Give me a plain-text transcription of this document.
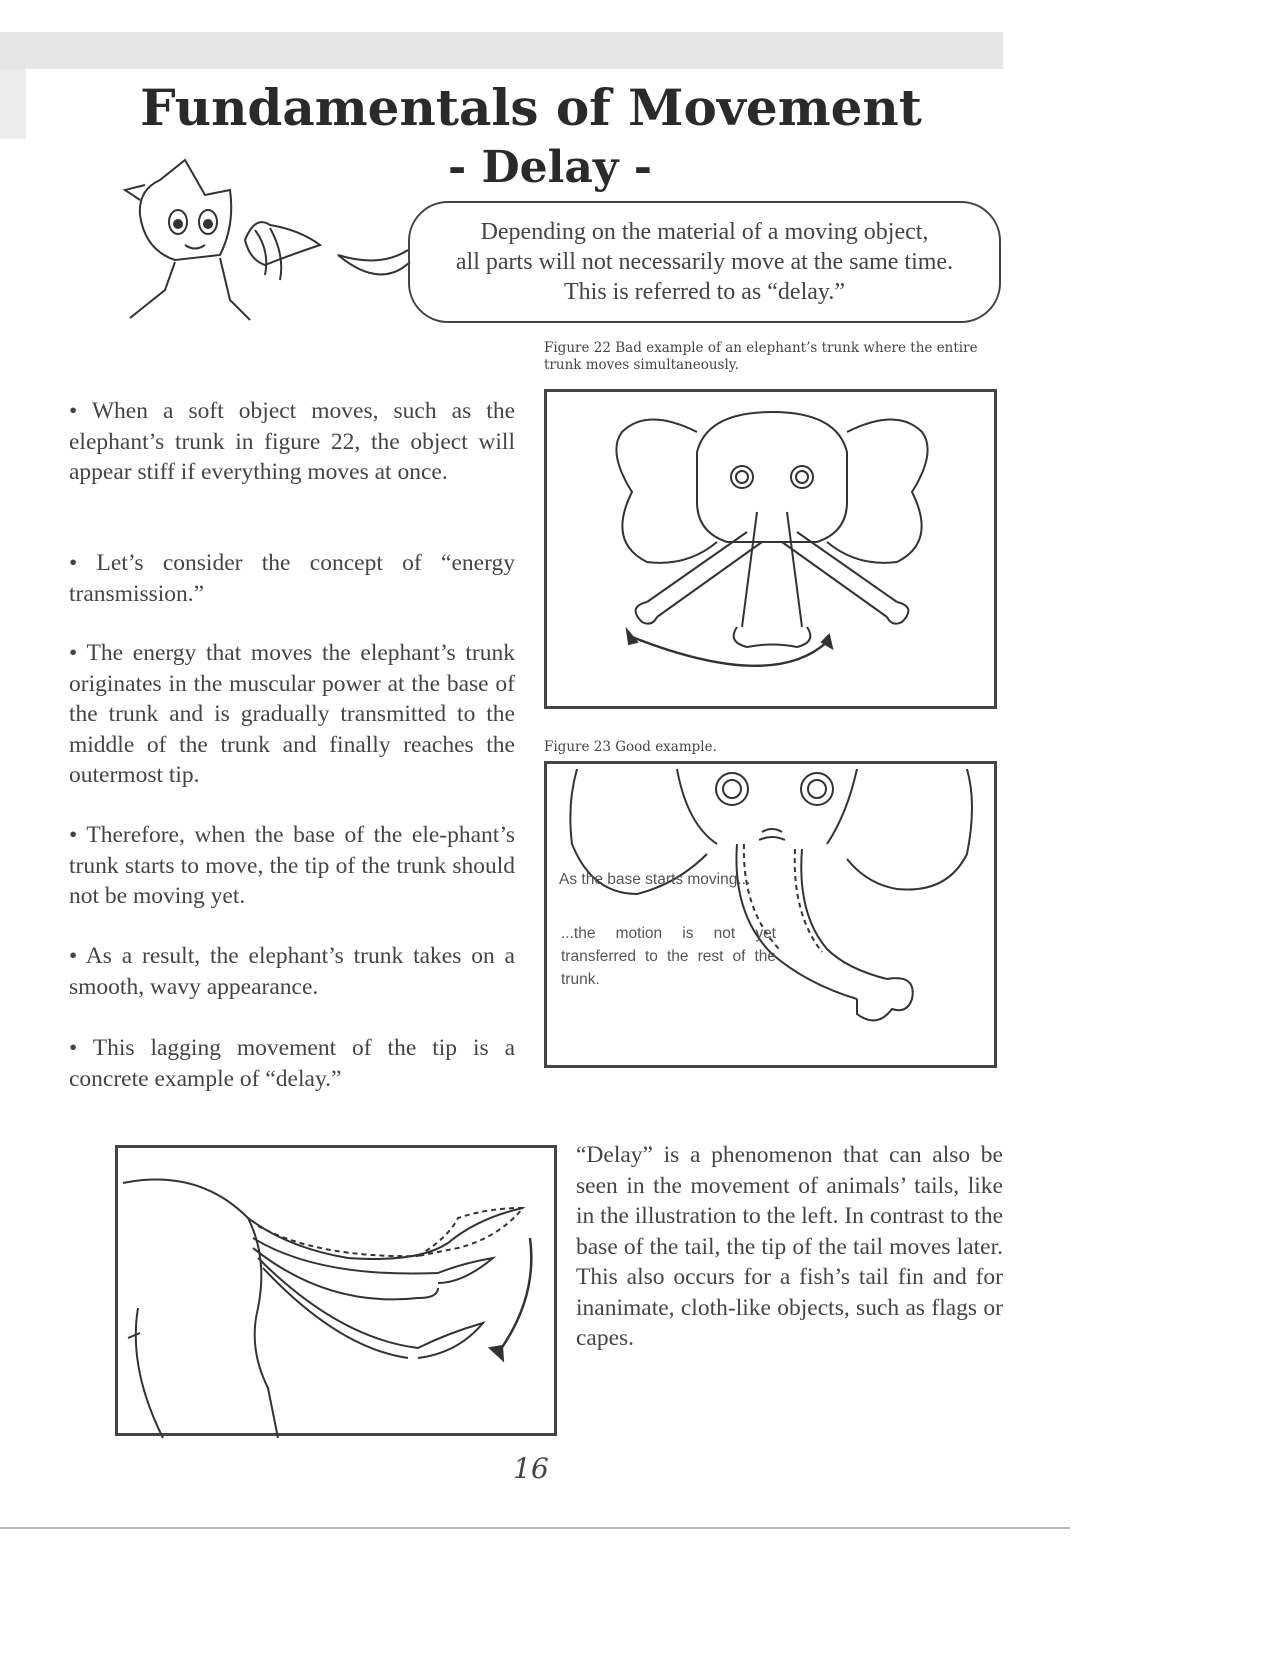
Fundamentals of Movement
- Delay -
Depending on the material of a moving object,
all parts will not necessarily move at the same time.
This is referred to as “delay.”
Figure 22 Bad example of an elephant’s trunk where the entire trunk moves simultaneously.
Figure 23 Good example.
As the base starts moving...
...the motion is not yet transferred to the rest of the trunk.
• When a soft object moves, such as the elephant’s trunk in figure 22, the object will appear stiff if everything moves at once.
• Let’s consider the concept of “energy transmission.”
• The energy that moves the elephant’s trunk originates in the muscular power at the base of the trunk and is gradually transmitted to the middle of the trunk and finally reaches the outermost tip.
• Therefore, when the base of the ele-phant’s trunk starts to move, the tip of the trunk should not be moving yet.
• As a result, the elephant’s trunk takes on a smooth, wavy appearance.
• This lagging movement of the tip is a concrete example of “delay.”
“Delay” is a phenomenon that can also be seen in the movement of animals’ tails, like in the illustration to the left. In contrast to the base of the tail, the tip of the tail moves later. This also occurs for a fish’s tail fin and for inanimate, cloth-like objects, such as flags or capes.
16
